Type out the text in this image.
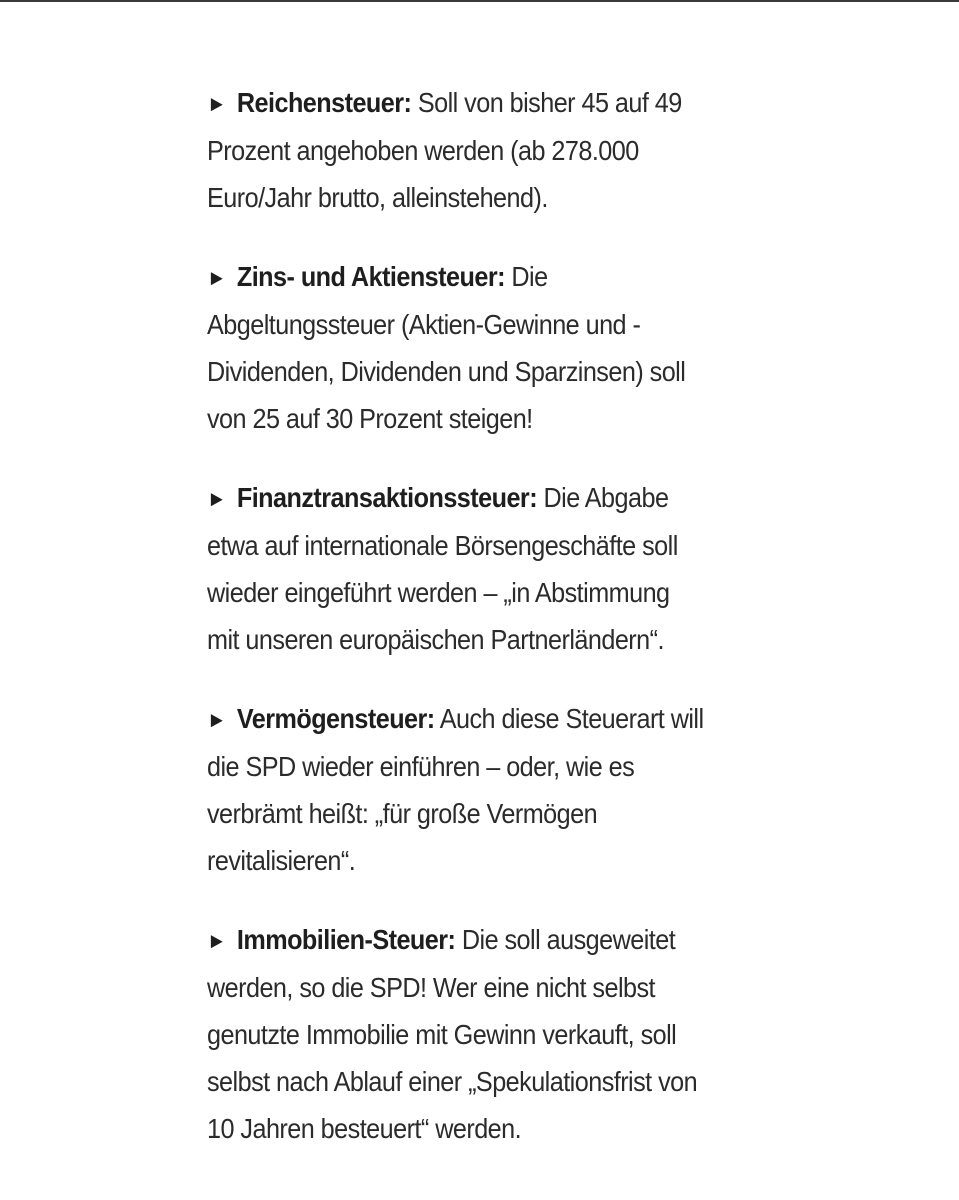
► Reichensteuer: Soll von bisher 45 auf 49
Prozent angehoben werden (ab 278.000
Euro/Jahr brutto, alleinstehend).

► Zins- und Aktiensteuer: Die
Abgeltungssteuer (Aktien-Gewinne und -
Dividenden, Dividenden und Sparzinsen) soll
von 25 auf 30 Prozent steigen!

► Finanztransaktionssteuer: Die Abgabe
etwa auf internationale Börsengeschäfte soll
wieder eingeführt werden – „in Abstimmung
mit unseren europäischen Partnerländern“.

► Vermögensteuer: Auch diese Steuerart will
die SPD wieder einführen – oder, wie es
verbrämt heißt: „für große Vermögen
revitalisieren“.

► Immobilien-Steuer: Die soll ausgeweitet
werden, so die SPD! Wer eine nicht selbst
genutzte Immobilie mit Gewinn verkauft, soll
selbst nach Ablauf einer „Spekulationsfrist von
10 Jahren besteuert“ werden.
